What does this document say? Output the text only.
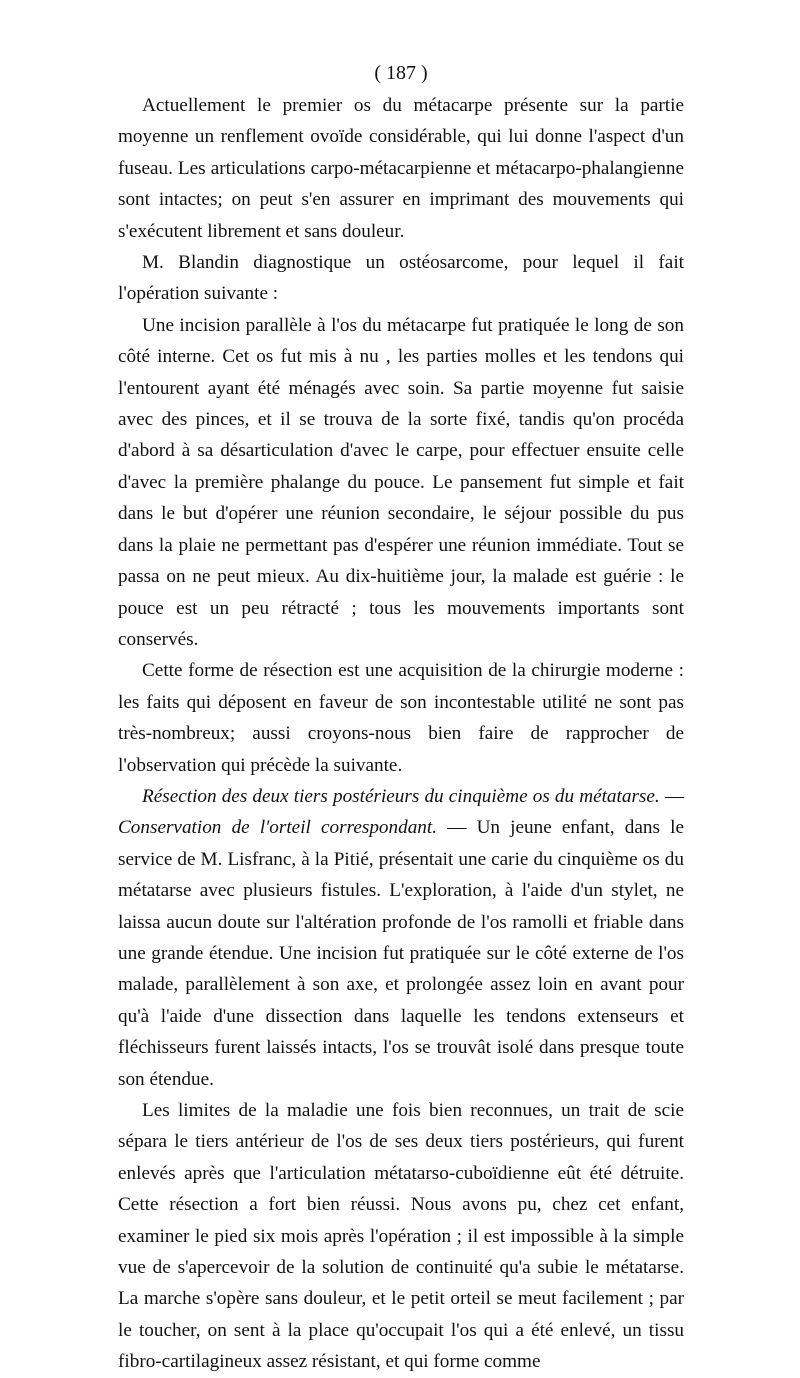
( 187 )

Actuellement le premier os du métacarpe présente sur la partie moyenne un renflement ovoïde considérable, qui lui donne l'aspect d'un fuseau. Les articulations carpo-métacarpienne et métacarpo-phalangienne sont intactes; on peut s'en assurer en imprimant des mouvements qui s'exécutent librement et sans douleur.

M. Blandin diagnostique un ostéosarcome, pour lequel il fait l'opération suivante :

Une incision parallèle à l'os du métacarpe fut pratiquée le long de son côté interne. Cet os fut mis à nu , les parties molles et les tendons qui l'entourent ayant été ménagés avec soin. Sa partie moyenne fut saisie avec des pinces, et il se trouva de la sorte fixé, tandis qu'on procéda d'abord à sa désarticulation d'avec le carpe, pour effectuer ensuite celle d'avec la première phalange du pouce. Le pansement fut simple et fait dans le but d'opérer une réunion secondaire, le séjour possible du pus dans la plaie ne permettant pas d'espérer une réunion immédiate. Tout se passa on ne peut mieux. Au dix-huitième jour, la malade est guérie : le pouce est un peu rétracté ; tous les mouvements importants sont conservés.

Cette forme de résection est une acquisition de la chirurgie moderne : les faits qui déposent en faveur de son incontestable utilité ne sont pas très-nombreux; aussi croyons-nous bien faire de rapprocher de l'observation qui précède la suivante.

Résection des deux tiers postérieurs du cinquième os du métatarse. — Conservation de l'orteil correspondant. — Un jeune enfant, dans le service de M. Lisfranc, à la Pitié, présentait une carie du cinquième os du métatarse avec plusieurs fistules. L'exploration, à l'aide d'un stylet, ne laissa aucun doute sur l'altération profonde de l'os ramolli et friable dans une grande étendue. Une incision fut pratiquée sur le côté externe de l'os malade, parallèlement à son axe, et prolongée assez loin en avant pour qu'à l'aide d'une dissection dans laquelle les tendons extenseurs et fléchisseurs furent laissés intacts, l'os se trouvât isolé dans presque toute son étendue.

Les limites de la maladie une fois bien reconnues, un trait de scie sépara le tiers antérieur de l'os de ses deux tiers postérieurs, qui furent enlevés après que l'articulation métatarso-cuboïdienne eût été détruite. Cette résection a fort bien réussi. Nous avons pu, chez cet enfant, examiner le pied six mois après l'opération ; il est impossible à la simple vue de s'apercevoir de la solution de continuité qu'a subie le métatarse. La marche s'opère sans douleur, et le petit orteil se meut facilement ; par le toucher, on sent à la place qu'occupait l'os qui a été enlevé, un tissu fibro-cartilagineux assez résistant, et qui forme comme
